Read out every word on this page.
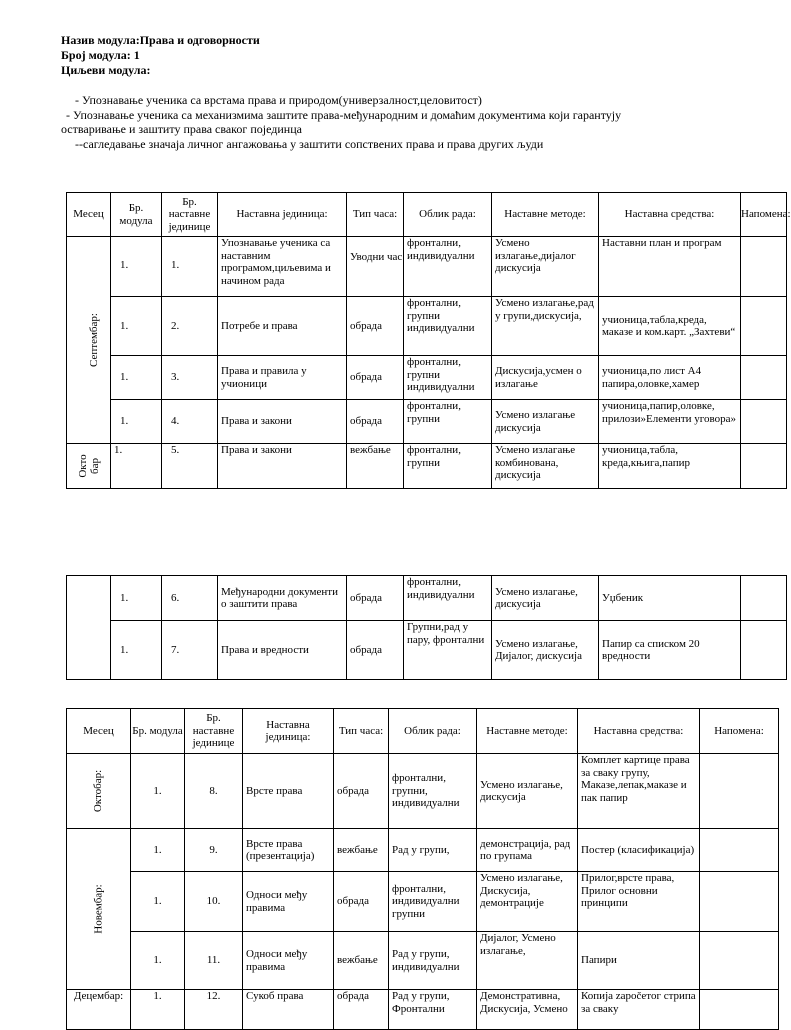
Назив модула:Права и одговорности
Број модула: 1
Циљеви модула:
- Упознавање ученика са врстама права и природом(универзалност,целовитост)
- Упознавање ученика са механизмима заштите права-међународним и домаћим документима који гарантују
остваривање и заштиту права сваког појединца
--сагледавање значаја личног ангажовања у заштити сопствених права и права других људи
Месец	Бр. модула	Бр. наставне јединице	Наставна јединица:	Тип часа:	Облик рада:	Наставне методе:	Наставна средства:	Напомена:
Септембар:	1.	1.	Упознавање ученика са наставним програмом,циљевима и начином рада	Уводни час	фронтални, индивидуални	Усмено излагање,дијалог дискусија	Наставни план и програм	
	1.	2.	Потребе и права	обрада	фронтални, групни индивидуални	Усмено излагање,рад у групи,дискусија,	учионица,табла,креда, маказе и ком.карт. „Захтеви“	
	1.	3.	Права и правила у учионици	обрада	фронтални, групни индивидуални	Дискусија,усмен о излагање	учионица,по лист А4 папира,оловке,хамер	
	1.	4.	Права и закони	обрада	фронтални, групни	Усмено излагање дискусија	учионица,папир,оловке, прилози»Елементи уговора»	
Окто бар	1.	5.	Права и закони	вежбање	фронтални, групни	Усмено излагање комбинована, дискусија	учионица,табла, креда,књига,папир	
	1.	6.	Међународни документи о заштити права	обрада	фронтални, индивидуални	Усмено излагање, дискусија	Уџбеник	
	1.	7.	Права и вредности	обрада	Групни,рад у пару, фронтални	Усмено излагање, Дијалог, дискусија	Папир са списком 20 вредности	
Месец	Бр. модула	Бр. наставне јединице	Наставна јединица:	Тип часа:	Облик рада:	Наставне методе:	Наставна средства:	Напомена:
Октобар:	1.	8.	Врсте права	обрада	фронтални, групни, индивидуални	Усмено излагање, дискусија	Комплет картице права за сваку групу, Маказе,лепак,маказе и пак папир	
Новембар:	1.	9.	Врсте права (презентација)	вежбање	Рад у групи,	демонстрација, рад по групама	Постер (класификација)	
	1.	10.	Односи међу правима	обрада	фронтални, индивидуални групни	Усмено излагање, Дискусија, демонтрације	Прилог,врсте права, Прилог основни принципи	
	1.	11.	Односи међу правима	вежбање	Рад у групи, индивидуални	Дијалог, Усмено излагање,	Папири	
Децембар:	1.	12.	Сукоб права	обрада	Рад у групи, Фронтални	Демонстративна, Дискусија, Усмено	Копија započетог стрипа за сваку	
